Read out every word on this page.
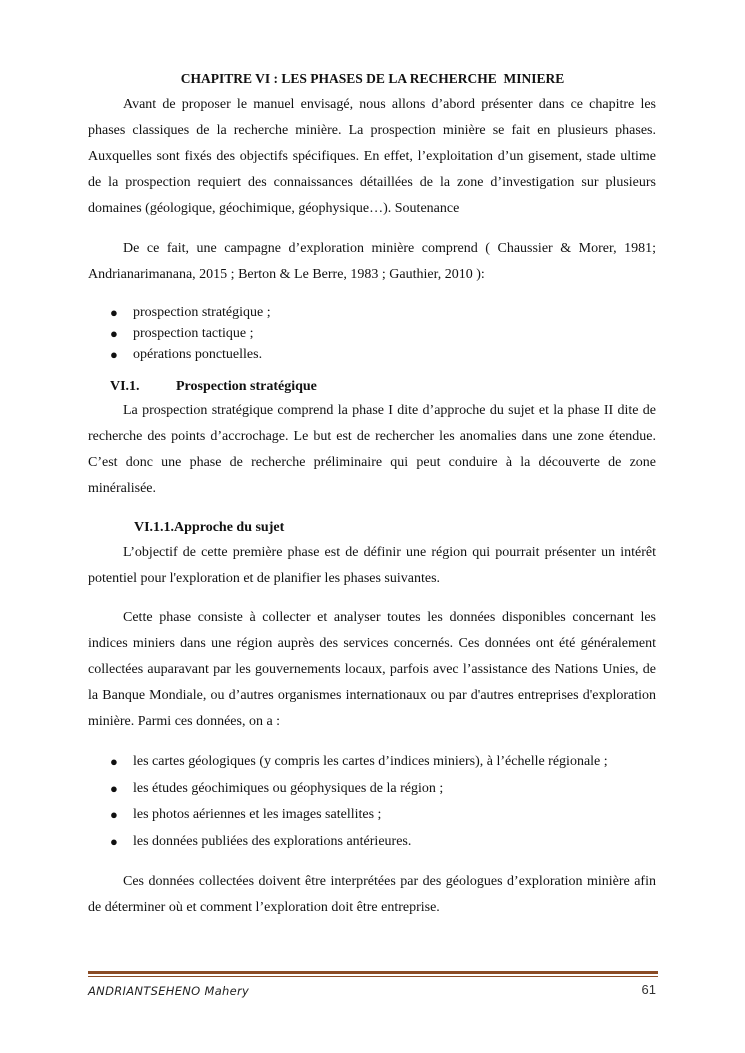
CHAPITRE VI : LES PHASES DE LA RECHERCHE  MINIERE

Avant de proposer le manuel envisagé, nous allons d’abord présenter dans ce chapitre les phases classiques de la recherche minière. La prospection minière se fait en plusieurs phases. Auxquelles sont fixés des objectifs spécifiques. En effet, l’exploitation d’un gisement, stade ultime de la prospection requiert des connaissances détaillées de la zone d’investigation sur plusieurs domaines (géologique, géochimique, géophysique…). Soutenance

De ce fait, une campagne d’exploration minière comprend ( Chaussier & Morer, 1981; Andrianarimanana, 2015 ; Berton & Le Berre, 1983 ; Gauthier, 2010 ):

● prospection stratégique ;
● prospection tactique ;
● opérations ponctuelles.
VI.1.	Prospection stratégique

La prospection stratégique comprend la phase I dite d’approche du sujet et la phase II dite de recherche des points d’accrochage. Le but est de rechercher les anomalies dans une zone étendue. C’est donc une phase de recherche préliminaire qui peut conduire à la découverte de zone minéralisée.

VI.1.1.Approche du sujet

L’objectif de cette première phase est de définir une région qui pourrait présenter un intérêt potentiel pour l'exploration et de planifier les phases suivantes.

Cette phase consiste à collecter et analyser toutes les données disponibles concernant les indices miniers dans une région auprès des services concernés. Ces données ont été généralement collectées auparavant par les gouvernements locaux, parfois avec l’assistance des Nations Unies, de la Banque Mondiale, ou d’autres organismes internationaux ou par d'autres entreprises d'exploration minière. Parmi ces données, on a :

● les cartes géologiques (y compris les cartes d’indices miniers), à l’échelle régionale ;
● les études géochimiques ou géophysiques de la région ;
● les photos aériennes et les images satellites ;
● les données publiées des explorations antérieures.

Ces données collectées doivent être interprétées par des géologues d’exploration minière afin de déterminer où et comment l’exploration doit être entreprise.

ANDRIANTSEHENO Mahery	61
